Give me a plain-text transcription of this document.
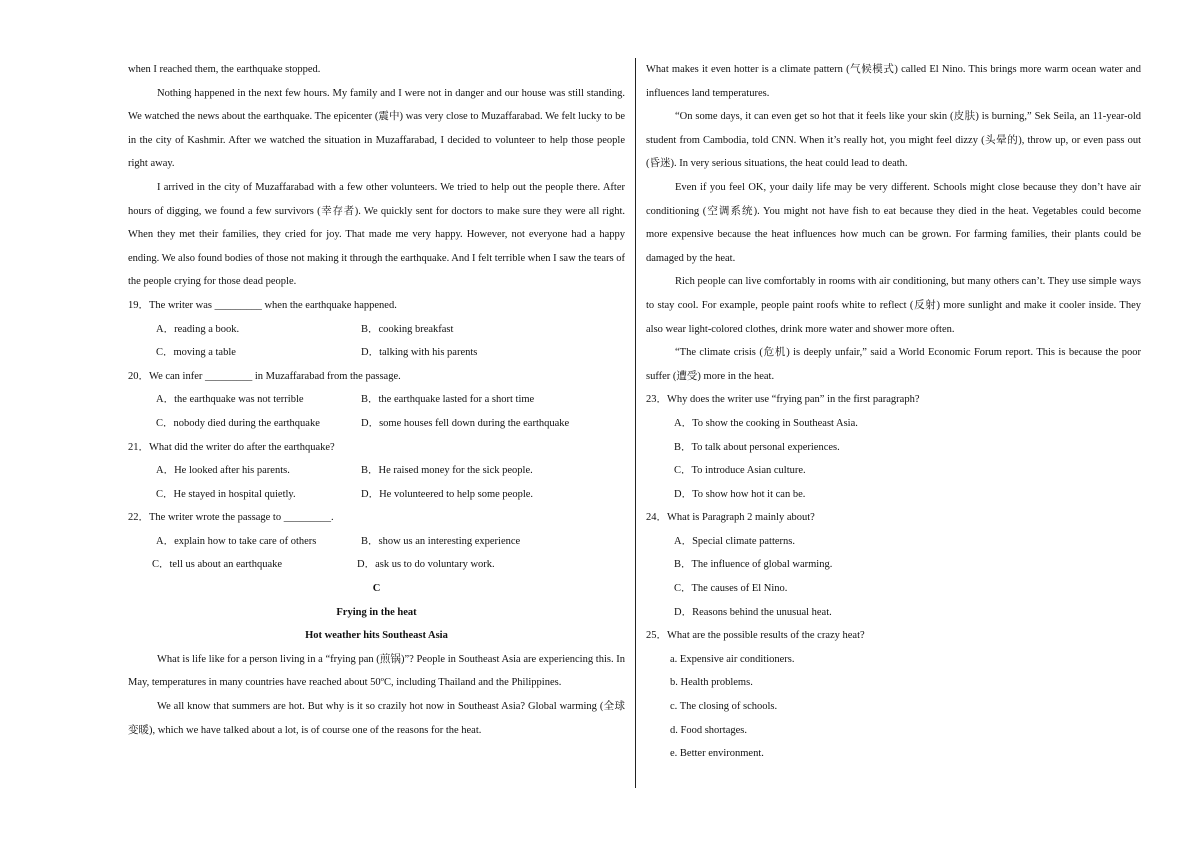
when I reached them, the earthquake stopped.

Nothing happened in the next few hours. My family and I were not in danger and our house was still standing. We watched the news about the earthquake. The epicenter (震中) was very close to Muzaffarabad. We felt lucky to be in the city of Kashmir. After we watched the situation in Muzaffarabad, I decided to volunteer to help those people right away.

I arrived in the city of Muzaffarabad with a few other volunteers. We tried to help out the people there. After hours of digging, we found a few survivors (幸存者). We quickly sent for doctors to make sure they were all right. When they met their families, they cried for joy. That made me very happy. However, not everyone had a happy ending. We also found bodies of those not making it through the earthquake. And I felt terrible when I saw the tears of the people crying for those dead people.

19．The writer was _________ when the earthquake happened.

A．reading a book.	B．cooking breakfast
C．moving a table	D．talking with his parents

20．We can infer _________ in Muzaffarabad from the passage.

A．the earthquake was not terrible	B．the earthquake lasted for a short time
C．nobody died during the earthquake	D．some houses fell down during the earthquake

21．What did the writer do after the earthquake?

A．He looked after his parents.	B．He raised money for the sick people.
C．He stayed in hospital quietly.	D．He volunteered to help some people.

22．The writer wrote the passage to _________.

A．explain how to take care of others	B．show us an interesting experience
C．tell us about an earthquake	D．ask us to do voluntary work.

C

Frying in the heat

Hot weather hits Southeast Asia

What is life like for a person living in a “frying pan (煎锅)”? People in Southeast Asia are experiencing this. In May, temperatures in many countries have reached about 50ºC, including Thailand and the Philippines.

We all know that summers are hot. But why is it so crazily hot now in Southeast Asia? Global warming (全球变暖), which we have talked about a lot, is of course one of the reasons for the heat.

What makes it even hotter is a climate pattern (气候模式) called El Nino. This brings more warm ocean water and influences land temperatures.

“On some days, it can even get so hot that it feels like your skin (皮肤) is burning,” Sek Seila, an 11-year-old student from Cambodia, told CNN. When it’s really hot, you might feel dizzy (头晕的), throw up, or even pass out (昏迷). In very serious situations, the heat could lead to death.

Even if you feel OK, your daily life may be very different. Schools might close because they don’t have air conditioning (空调系统). You might not have fish to eat because they died in the heat. Vegetables could become more expensive because the heat influences how much can be grown. For farming families, their plants could be damaged by the heat.

Rich people can live comfortably in rooms with air conditioning, but many others can’t. They use simple ways to stay cool. For example, people paint roofs white to reflect (反射) more sunlight and make it cooler inside. They also wear light-colored clothes, drink more water and shower more often.

“The climate crisis (危机) is deeply unfair,” said a World Economic Forum report. This is because the poor suffer (遭受) more in the heat.

23．Why does the writer use “frying pan” in the first paragraph?

A．To show the cooking in Southeast Asia.

B．To talk about personal experiences.

C．To introduce Asian culture.

D．To show how hot it can be.

24．What is Paragraph 2 mainly about?

A．Special climate patterns.

B．The influence of global warming.

C．The causes of El Nino.

D．Reasons behind the unusual heat.

25．What are the possible results of the crazy heat?

a. Expensive air conditioners.

b. Health problems.

c. The closing of schools.

d. Food shortages.

e. Better environment.
